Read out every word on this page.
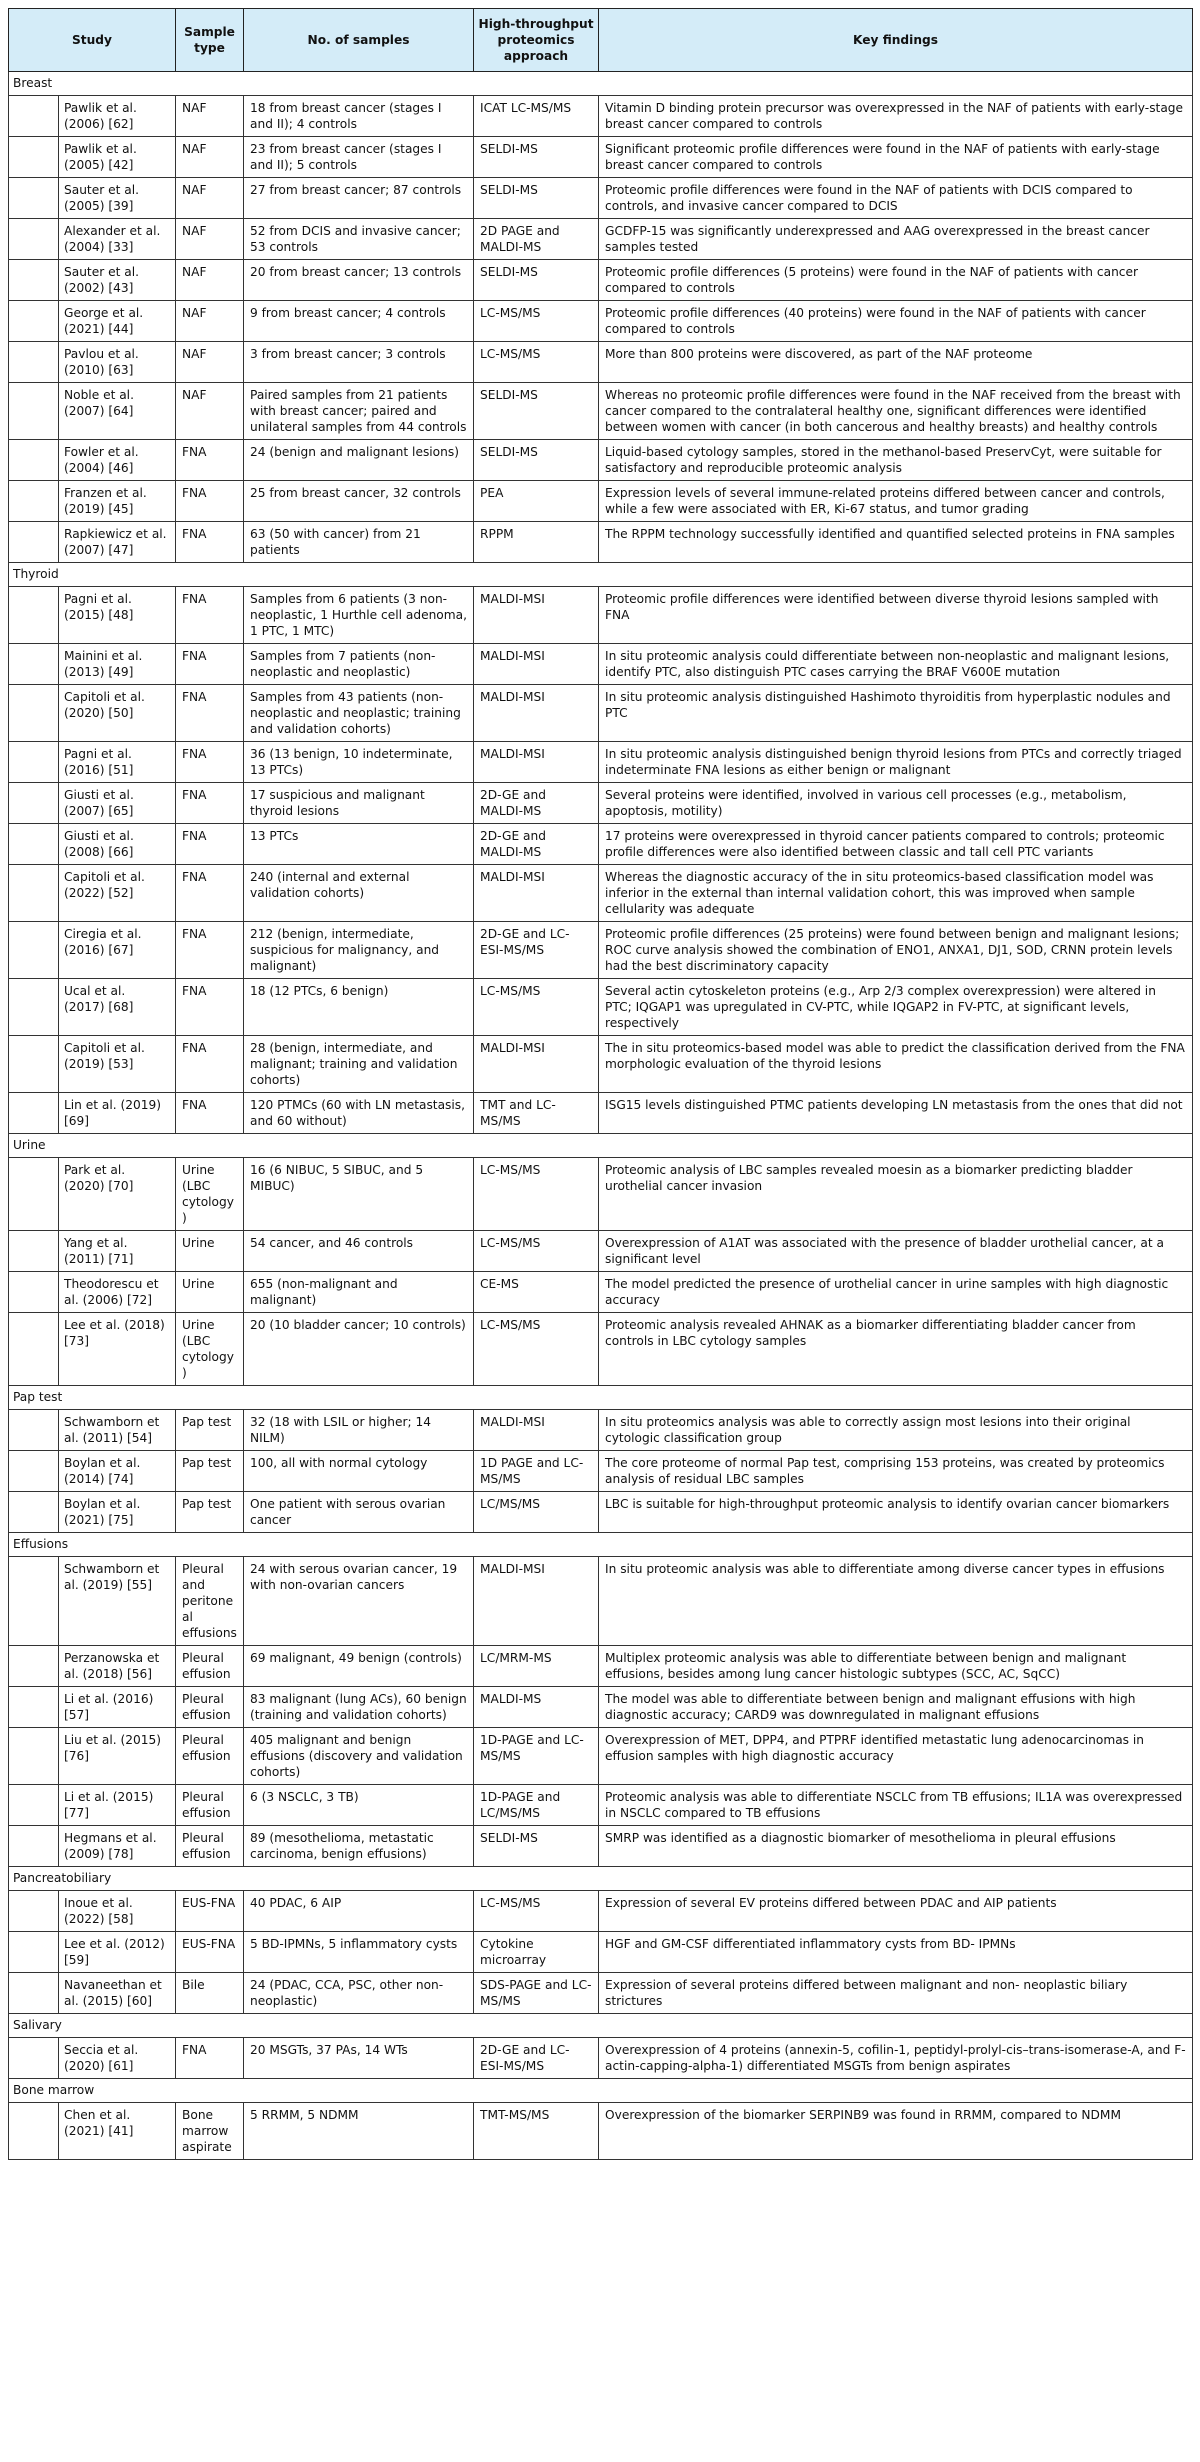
Study		Sample type	No. of samples	High-throughput proteomics approach	Key findings
Breast					
	Pawlik et al. (2006) [62]	NAF	18 from breast cancer (stages I and II); 4 controls	ICAT LC-MS/MS	Vitamin D binding protein precursor was overexpressed in the NAF of patients with early-stage breast cancer compared to controls
	Pawlik et al. (2005) [42]	NAF	23 from breast cancer (stages I and II); 5 controls	SELDI-MS	Significant proteomic profile differences were found in the NAF of patients with early-stage breast cancer compared to controls
	Sauter et al. (2005) [39]	NAF	27 from breast cancer; 87 controls	SELDI-MS	Proteomic profile differences were found in the NAF of patients with DCIS compared to controls, and invasive cancer compared to DCIS
	Alexander et al. (2004) [33]	NAF	52 from DCIS and invasive cancer; 53 controls	2D PAGE and MALDI-MS	GCDFP-15 was significantly underexpressed and AAG overexpressed in the breast cancer samples tested
	Sauter et al. (2002) [43]	NAF	20 from breast cancer; 13 controls	SELDI-MS	Proteomic profile differences (5 proteins) were found in the NAF of patients with cancer compared to controls
	George et al. (2021) [44]	NAF	9 from breast cancer; 4 controls	LC-MS/MS	Proteomic profile differences (40 proteins) were found in the NAF of patients with cancer compared to controls
	Pavlou et al. (2010) [63]	NAF	3 from breast cancer; 3 controls	LC-MS/MS	More than 800 proteins were discovered, as part of the NAF proteome
	Noble et al. (2007) [64]	NAF	Paired samples from 21 patients with breast cancer; paired and unilateral samples from 44 controls	SELDI-MS	Whereas no proteomic profile differences were found in the NAF received from the breast with cancer compared to the contralateral healthy one, significant differences were identified between women with cancer (in both cancerous and healthy breasts) and healthy controls
	Fowler et al. (2004) [46]	FNA	24 (benign and malignant lesions)	SELDI-MS	Liquid-based cytology samples, stored in the methanol-based PreservCyt, were suitable for satisfactory and reproducible proteomic analysis
	Franzen et al. (2019) [45]	FNA	25 from breast cancer, 32 controls	PEA	Expression levels of several immune-related proteins differed between cancer and controls, while a few were associated with ER, Ki-67 status, and tumor grading
	Rapkiewicz et al. (2007) [47]	FNA	63 (50 with cancer) from 21 patients	RPPM	The RPPM technology successfully identified and quantified selected proteins in FNA samples
Thyroid					
	Pagni et al. (2015) [48]	FNA	Samples from 6 patients (3 non-neoplastic, 1 Hurthle cell adenoma, 1 PTC, 1 MTC)	MALDI-MSI	Proteomic profile differences were identified between diverse thyroid lesions sampled with FNA
	Mainini et al. (2013) [49]	FNA	Samples from 7 patients (non-neoplastic and neoplastic)	MALDI-MSI	In situ proteomic analysis could differentiate between non-neoplastic and malignant lesions, identify PTC, also distinguish PTC cases carrying the BRAF V600E mutation
	Capitoli et al. (2020) [50]	FNA	Samples from 43 patients (non-neoplastic and neoplastic; training and validation cohorts)	MALDI-MSI	In situ proteomic analysis distinguished Hashimoto thyroiditis from hyperplastic nodules and PTC
	Pagni et al. (2016) [51]	FNA	36 (13 benign, 10 indeterminate, 13 PTCs)	MALDI-MSI	In situ proteomic analysis distinguished benign thyroid lesions from PTCs and correctly triaged indeterminate FNA lesions as either benign or malignant
	Giusti et al. (2007) [65]	FNA	17 suspicious and malignant thyroid lesions	2D-GE and MALDI-MS	Several proteins were identified, involved in various cell processes (e.g., metabolism, apoptosis, motility)
	Giusti et al. (2008) [66]	FNA	13 PTCs	2D-GE and MALDI-MS	17 proteins were overexpressed in thyroid cancer patients compared to controls; proteomic profile differences were also identified between classic and tall cell PTC variants
	Capitoli et al. (2022) [52]	FNA	240 (internal and external validation cohorts)	MALDI-MSI	Whereas the diagnostic accuracy of the in situ proteomics-based classification model was inferior in the external than internal validation cohort, this was improved when sample cellularity was adequate
	Ciregia et al. (2016) [67]	FNA	212 (benign, intermediate, suspicious for malignancy, and malignant)	2D-GE and LC-ESI-MS/MS	Proteomic profile differences (25 proteins) were found between benign and malignant lesions; ROC curve analysis showed the combination of ENO1, ANXA1, DJ1, SOD, CRNN protein levels had the best discriminatory capacity
	Ucal et al. (2017) [68]	FNA	18 (12 PTCs, 6 benign)	LC-MS/MS	Several actin cytoskeleton proteins (e.g., Arp 2/3 complex overexpression) were altered in PTC; IQGAP1 was upregulated in CV-PTC, while IQGAP2 in FV-PTC, at significant levels, respectively
	Capitoli et al. (2019) [53]	FNA	28 (benign, intermediate, and malignant; training and validation cohorts)	MALDI-MSI	The in situ proteomics-based model was able to predict the classification derived from the FNA morphologic evaluation of the thyroid lesions
	Lin et al. (2019) [69]	FNA	120 PTMCs (60 with LN metastasis, and 60 without)	TMT and LC-MS/MS	ISG15 levels distinguished PTMC patients developing LN metastasis from the ones that did not
Urine					
	Park et al. (2020) [70]	Urine (LBC cytology)	16 (6 NIBUC, 5 SIBUC, and 5 MIBUC)	LC-MS/MS	Proteomic analysis of LBC samples revealed moesin as a biomarker predicting bladder urothelial cancer invasion
	Yang et al. (2011) [71]	Urine	54 cancer, and 46 controls	LC-MS/MS	Overexpression of A1AT was associated with the presence of bladder urothelial cancer, at a significant level
	Theodorescu et al. (2006) [72]	Urine	655 (non-malignant and malignant)	CE-MS	The model predicted the presence of urothelial cancer in urine samples with high diagnostic accuracy
	Lee et al. (2018) [73]	Urine (LBC cytology)	20 (10 bladder cancer; 10 controls)	LC-MS/MS	Proteomic analysis revealed AHNAK as a biomarker differentiating bladder cancer from controls in LBC cytology samples
Pap test					
	Schwamborn et al. (2011) [54]	Pap test	32 (18 with LSIL or higher; 14 NILM)	MALDI-MSI	In situ proteomics analysis was able to correctly assign most lesions into their original cytologic classification group
	Boylan et al. (2014) [74]	Pap test	100, all with normal cytology	1D PAGE and LC-MS/MS	The core proteome of normal Pap test, comprising 153 proteins, was created by proteomics analysis of residual LBC samples
	Boylan et al. (2021) [75]	Pap test	One patient with serous ovarian cancer	LC/MS/MS	LBC is suitable for high-throughput proteomic analysis to identify ovarian cancer biomarkers
Effusions					
	Schwamborn et al. (2019) [55]	Pleural and peritoneal effusions	24 with serous ovarian cancer, 19 with non-ovarian cancers	MALDI-MSI	In situ proteomic analysis was able to differentiate among diverse cancer types in effusions
	Perzanowska et al. (2018) [56]	Pleural effusion	69 malignant, 49 benign (controls)	LC/MRM-MS	Multiplex proteomic analysis was able to differentiate between benign and malignant effusions, besides among lung cancer histologic subtypes (SCC, AC, SqCC)
	Li et al. (2016) [57]	Pleural effusion	83 malignant (lung ACs), 60 benign (training and validation cohorts)	MALDI-MS	The model was able to differentiate between benign and malignant effusions with high diagnostic accuracy; CARD9 was downregulated in malignant effusions
	Liu et al. (2015) [76]	Pleural effusion	405 malignant and benign effusions (discovery and validation cohorts)	1D-PAGE and LC-MS/MS	Overexpression of MET, DPP4, and PTPRF identified metastatic lung adenocarcinomas in effusion samples with high diagnostic accuracy
	Li et al. (2015) [77]	Pleural effusion	6 (3 NSCLC, 3 TB)	1D-PAGE and LC/MS/MS	Proteomic analysis was able to differentiate NSCLC from TB effusions; IL1A was overexpressed in NSCLC compared to TB effusions
	Hegmans et al. (2009) [78]	Pleural effusion	89 (mesothelioma, metastatic carcinoma, benign effusions)	SELDI-MS	SMRP was identified as a diagnostic biomarker of mesothelioma in pleural effusions
Pancreatobiliary					
	Inoue et al. (2022) [58]	EUS-FNA	40 PDAC, 6 AIP	LC-MS/MS	Expression of several EV proteins differed between PDAC and AIP patients
	Lee et al. (2012) [59]	EUS-FNA	5 BD-IPMNs, 5 inflammatory cysts	Cytokine microarray	HGF and GM-CSF differentiated inflammatory cysts from BD- IPMNs
	Navaneethan et al. (2015) [60]	Bile	24 (PDAC, CCA, PSC, other non-neoplastic)	SDS-PAGE and LC-MS/MS	Expression of several proteins differed between malignant and non- neoplastic biliary strictures
Salivary					
	Seccia et al. (2020) [61]	FNA	20 MSGTs, 37 PAs, 14 WTs	2D-GE and LC-ESI-MS/MS	Overexpression of 4 proteins (annexin-5, cofilin-1, peptidyl-prolyl-cis–trans-isomerase-A, and F-actin-capping-alpha-1) differentiated MSGTs from benign aspirates
Bone marrow					
	Chen et al. (2021) [41]	Bone marrow aspirate	5 RRMM, 5 NDMM	TMT-MS/MS	Overexpression of the biomarker SERPINB9 was found in RRMM, compared to NDMM
